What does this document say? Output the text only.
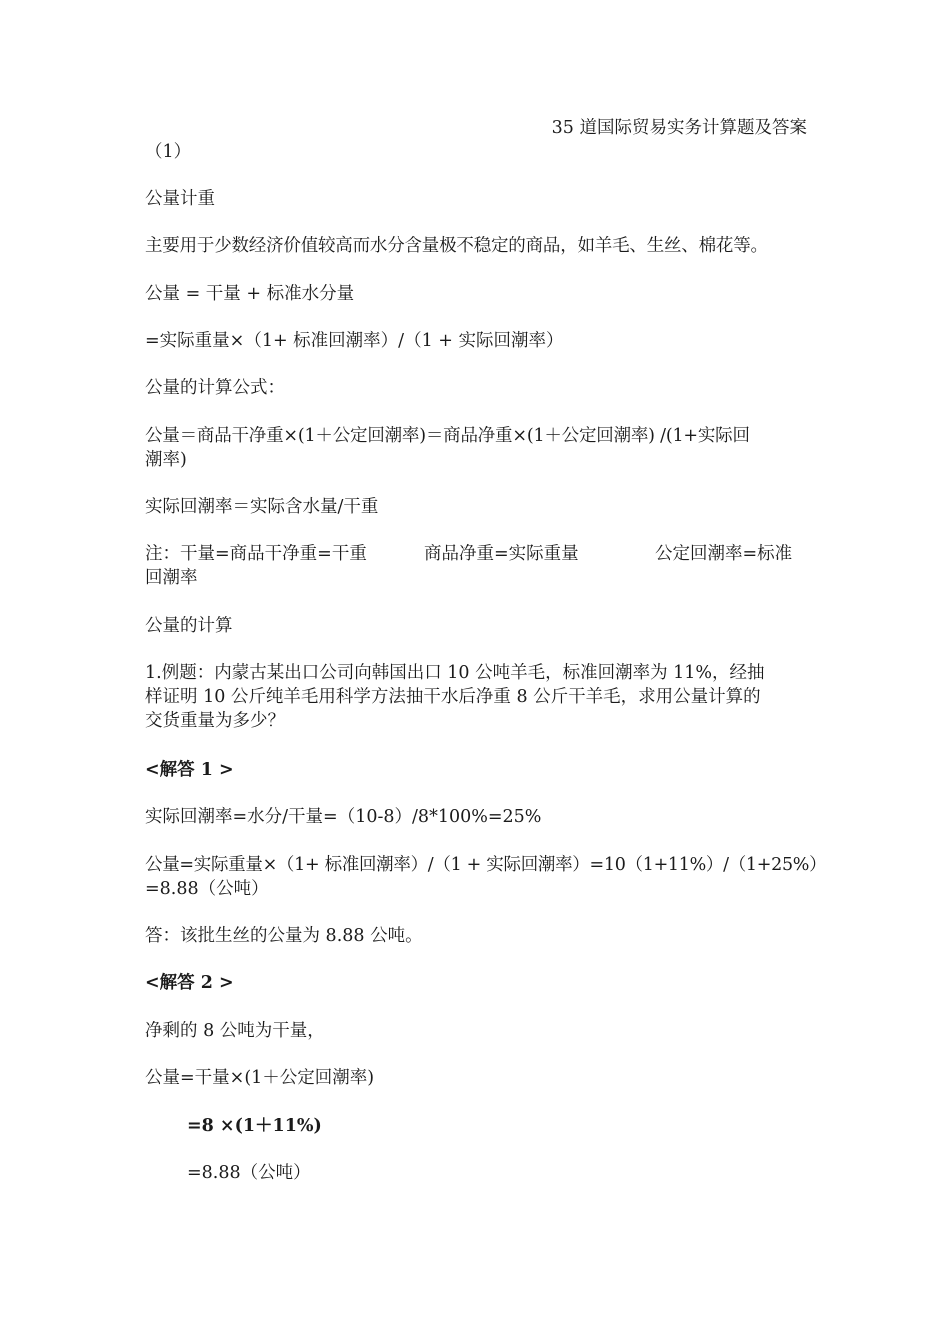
35 道国际贸易实务计算题及答案
（1）
公量计重
主要用于少数经济价值较高而水分含量极不稳定的商品，如羊毛、生丝、棉花等。
公量 = 干量 + 标准水分量
=实际重量×（1+ 标准回潮率）/（1 + 实际回潮率）
公量的计算公式：
公量＝商品干净重×(1＋公定回潮率)＝商品净重×(1＋公定回潮率) /(1+实际回
潮率)
实际回潮率＝实际含水量/干重
注：干量=商品干净重=干重	商品净重=实际重量	公定回潮率=标准
回潮率
公量的计算
1.例题：内蒙古某出口公司向韩国出口 10 公吨羊毛，标准回潮率为 11%，经抽
样证明 10 公斤纯羊毛用科学方法抽干水后净重 8 公斤干羊毛，求用公量计算的
交货重量为多少？
<解答 1 >
实际回潮率=水分/干量=（10-8）/8*100%=25%
公量=实际重量×（1+ 标准回潮率）/（1 + 实际回潮率）=10（1+11%）/（1+25%）
=8.88（公吨）
答：该批生丝的公量为 8.88 公吨。
<解答 2 >
净剩的 8 公吨为干量，
公量=干量×(1＋公定回潮率)
=8 ×(1＋11%)
=8.88（公吨）
